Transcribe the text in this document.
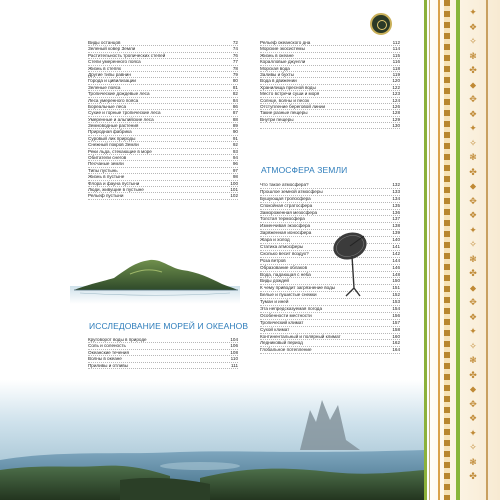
✦
❖
✧
❃
✤
⬥
✥
❖
✦
✧
❃
✤
⬥
✥
❖
✦
✧
❃
✤
⬥
✥
❖
✦
✧
❃
✤
⬥
✥
❖
✦
✧
❃
✤
Виды останцов	72
Зеленый ковер Земли	74
Растительность тропических степей	76
Степи умеренного пояса	77
Жизнь в степях	78
Другие типы равнин	79
Города и цивилизации	80
Зеленые пояса	81
Тропические дождевые леса	82
Леса умеренного пояса	84
Бореальные леса	86
Сухие и горные тропические леса	87
Умеренные и альпийские леса	88
Земноводные растения	89
Природная фабрика	90
Суровый лик природы	91
Снежный покров Земли	92
Реки льда, стекающие в море	93
Обитатели снегов	94
Песчаные земли	96
Типы пустынь	97
Жизнь в пустыне	98
Флора и фауна пустыни	100
Люди, живущие в пустыне	101
Рельеф пустыни	102
Рельеф океанского дна	112
Морские экосистемы	114
Жизнь в океане	115
Коралловые джунгли	116
Морская вода	118
Заливы и бухты	119
Вода в движении	120
Хранилища пресной воды	122
Место встречи суши и моря	123
Солнце, волны и песок	124
Отступление береговой линии	126
Такие разные пещеры	128
Внутри пещеры	129
130
ИССЛЕДОВАНИЕ МОРЕЙ И ОКЕАНОВ
Круговорот воды в природе	104
Соль и соленость	106
Океанские течения	108
Волны в океане	110
Приливы и отливы	111
АТМОСФЕРА ЗЕМЛИ
Что такое атмосфера?	132
Прошлое земной атмосферы	133
Бушующая тропосфера	134
Спокойная стратосфера	135
Замороженная мезосфера	136
Толстая термосфера	137
Изменчивая экзосфера	138
Заряженная ионосфера	139
Жара и холод	140
Статика атмосферы	141
Сколько весит воздух?	142
Роза ветров	144
Образование облаков	146
Вода, падающая с неба	148
Виды дождей	150
К чему приводит загрязнение воды	151
Белые и пушистые снежки	152
Туман и иней	153
Эта непредсказуемая погода	154
Особенности местности	156
Тропический климат	157
Сухой климат	158
Континентальный и полярный климат	160
Ледниковый период	162
Глобальное потепление	164
